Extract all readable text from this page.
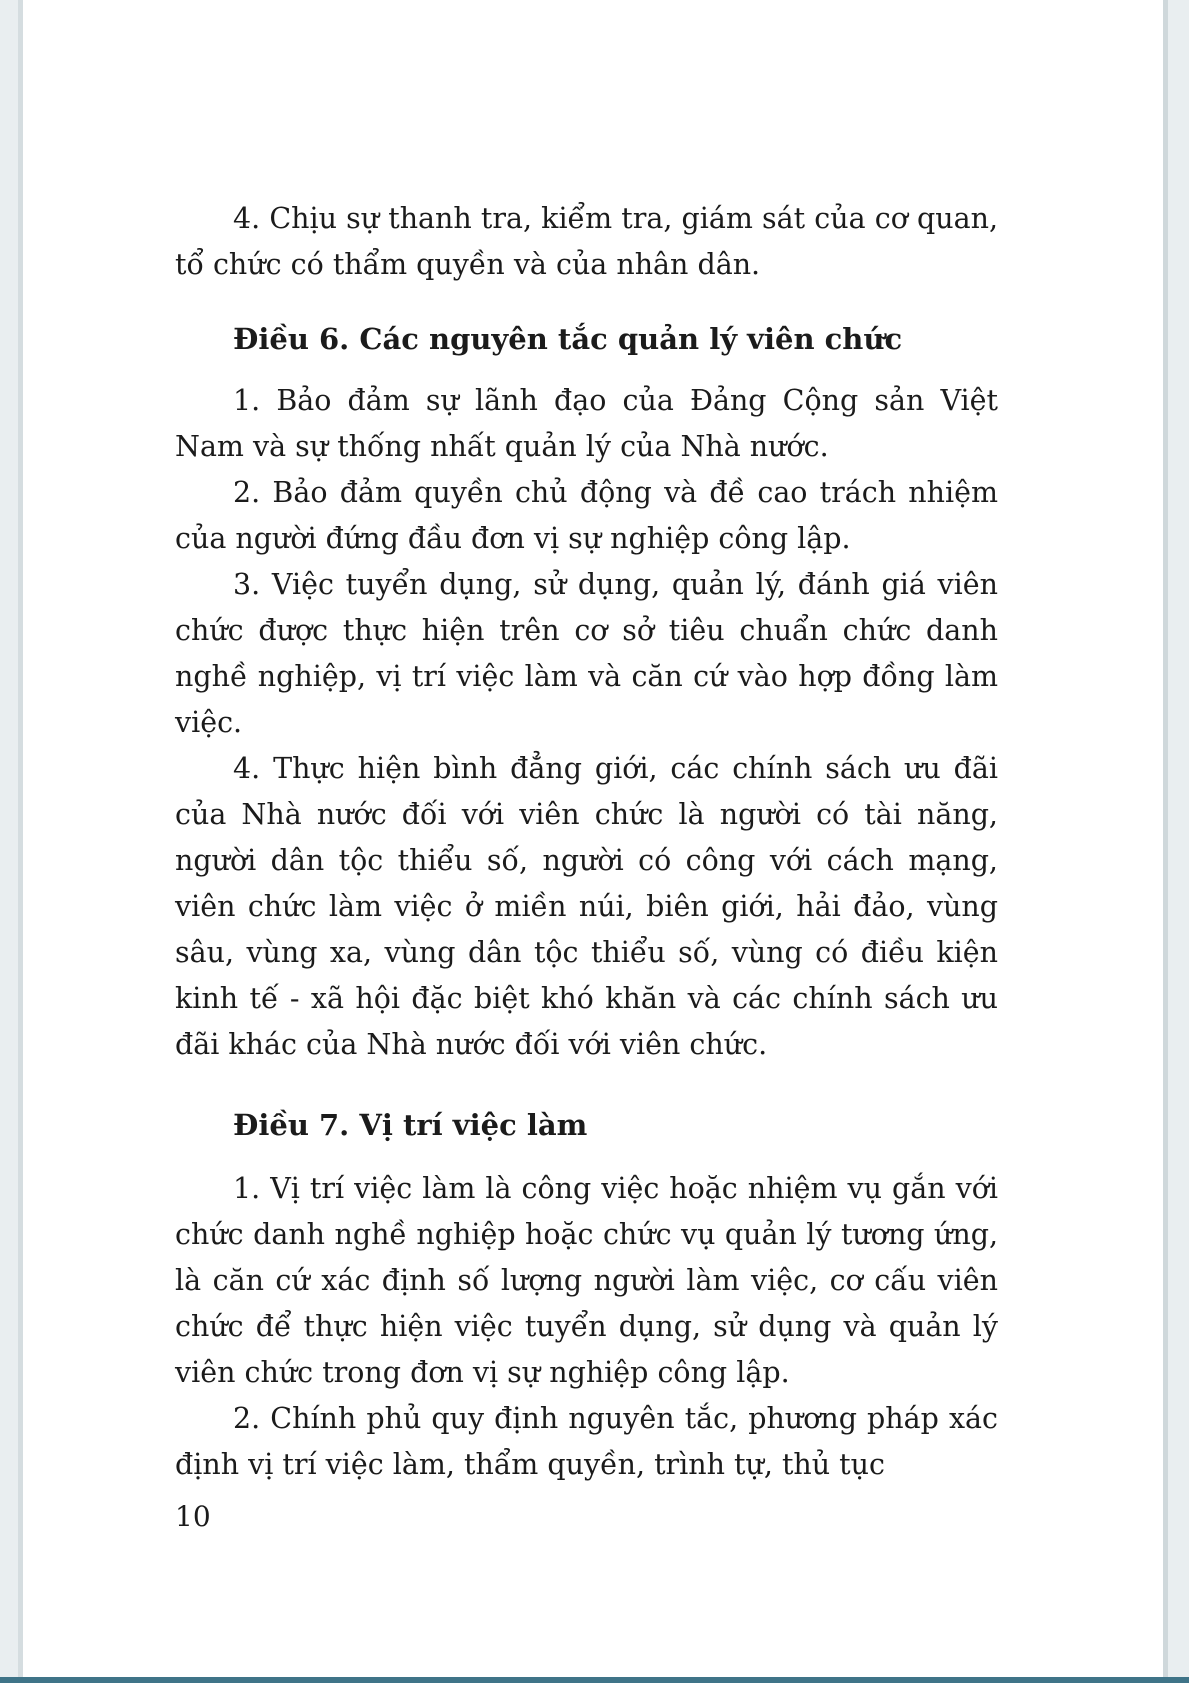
4. Chịu sự thanh tra, kiểm tra, giám sát của cơ quan, tổ chức có thẩm quyền và của nhân dân.

Điều 6. Các nguyên tắc quản lý viên chức

1. Bảo đảm sự lãnh đạo của Đảng Cộng sản Việt Nam và sự thống nhất quản lý của Nhà nước.

2. Bảo đảm quyền chủ động và đề cao trách nhiệm của người đứng đầu đơn vị sự nghiệp công lập.

3. Việc tuyển dụng, sử dụng, quản lý, đánh giá viên chức được thực hiện trên cơ sở tiêu chuẩn chức danh nghề nghiệp, vị trí việc làm và căn cứ vào hợp đồng làm việc.

4. Thực hiện bình đẳng giới, các chính sách ưu đãi của Nhà nước đối với viên chức là người có tài năng, người dân tộc thiểu số, người có công với cách mạng, viên chức làm việc ở miền núi, biên giới, hải đảo, vùng sâu, vùng xa, vùng dân tộc thiểu số, vùng có điều kiện kinh tế - xã hội đặc biệt khó khăn và các chính sách ưu đãi khác của Nhà nước đối với viên chức.

Điều 7. Vị trí việc làm

1. Vị trí việc làm là công việc hoặc nhiệm vụ gắn với chức danh nghề nghiệp hoặc chức vụ quản lý tương ứng, là căn cứ xác định số lượng người làm việc, cơ cấu viên chức để thực hiện việc tuyển dụng, sử dụng và quản lý viên chức trong đơn vị sự nghiệp công lập.

2. Chính phủ quy định nguyên tắc, phương pháp xác định vị trí việc làm, thẩm quyền, trình tự, thủ tục

10
